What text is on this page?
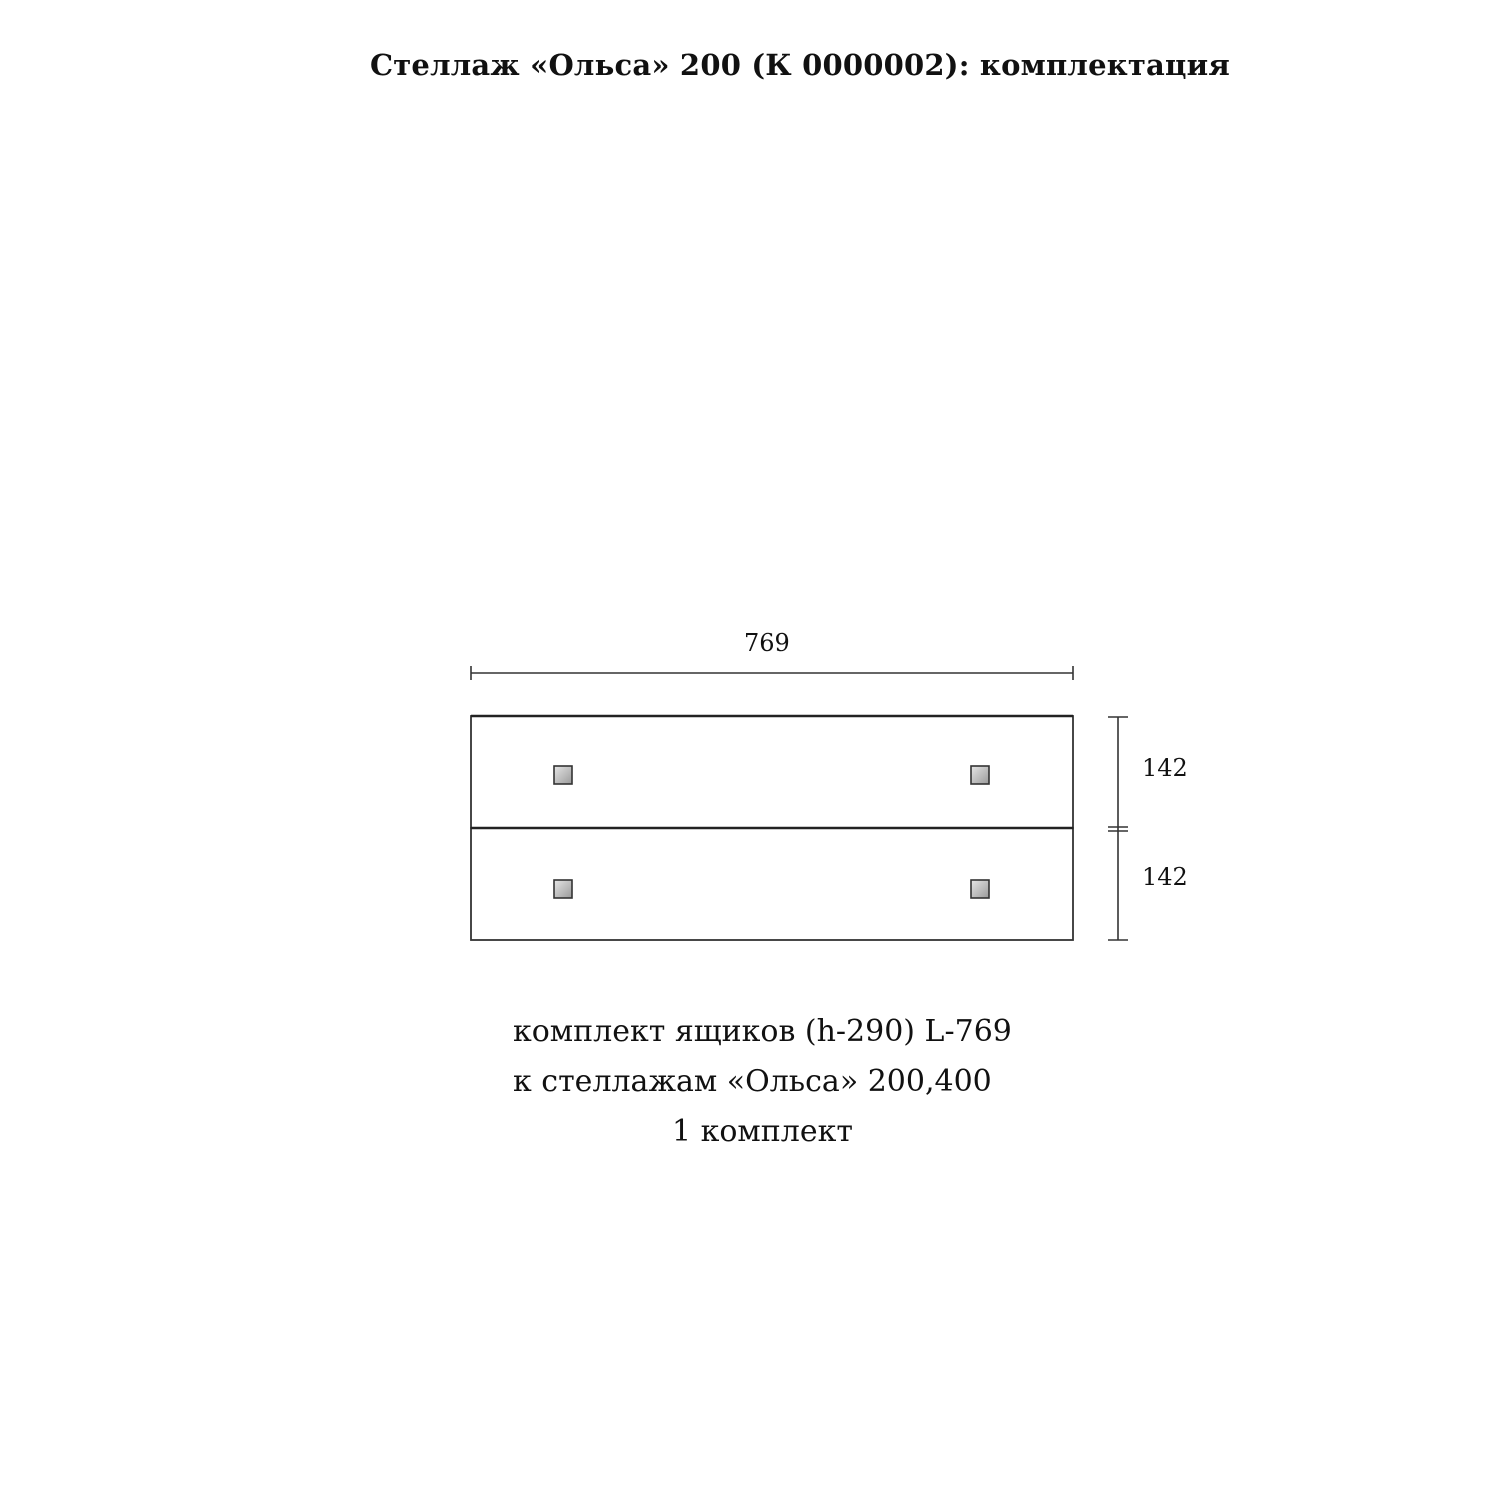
Стеллаж «Ольса» 200 (К 0000002): комплектация
769
142
142
комплект ящиков (h-290) L-769
к стеллажам «Ольса» 200,400
1 комплект
